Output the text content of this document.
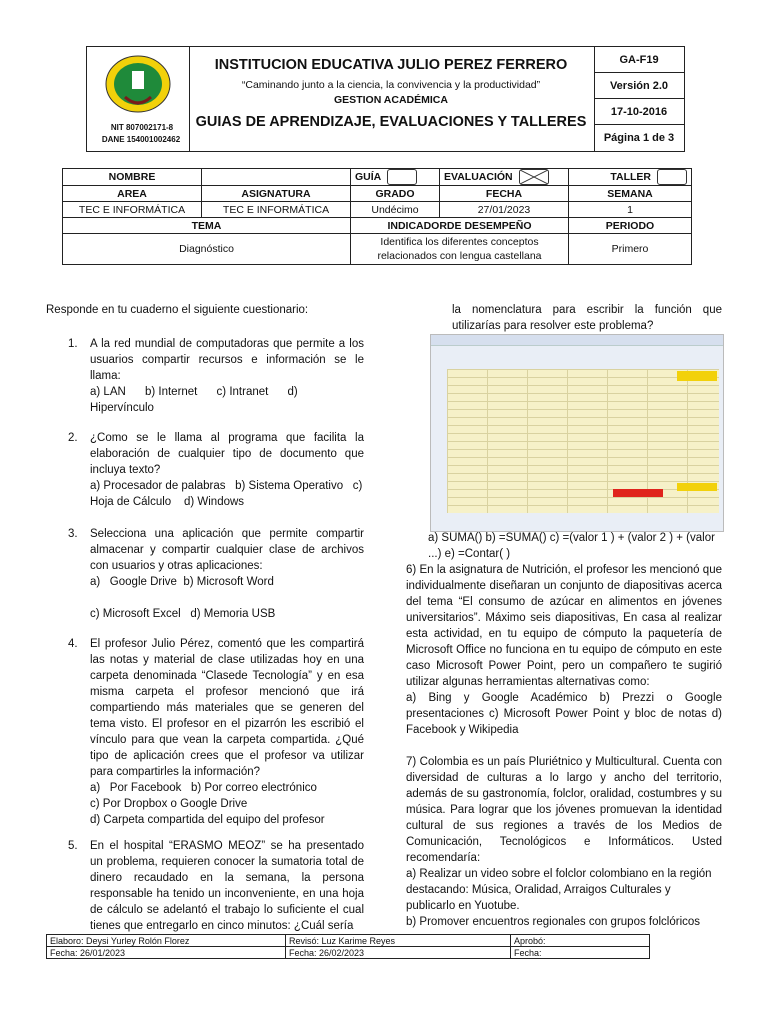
NIT 807002171-8
DANE 154001002462
INSTITUCION EDUCATIVA JULIO PEREZ FERRERO
“Caminando junto a la ciencia, la convivencia y la productividad”
GESTION ACADÉMICA
GUIAS DE APRENDIZAJE, EVALUACIONES Y TALLERES
GA-F19
Versión 2.0
17-10-2016
Página 1 de 3
NOMBRE		GUÍA	EVALUACIÓN	TALLER
AREA	ASIGNATURA	GRADO	FECHA	SEMANA
TEC E INFORMÁTICA	TEC E INFORMÁTICA	Undécimo	27/01/2023	1
TEMA		INDICADORDE DESEMPEÑO		PERIODO
Diagnóstico		Identifica los diferentes conceptos relacionados con lengua castellana		Primero
Responde en tu cuaderno el siguiente cuestionario:
1. A la red mundial de computadoras que permite a los usuarios compartir recursos e información se le llama:
a) LAN      b) Internet      c) Intranet      d) Hipervínculo
2. ¿Como se le llama al programa que facilita la elaboración de cualquier tipo de documento que incluya texto?
a) Procesador de palabras   b) Sistema Operativo   c) Hoja de Cálculo    d) Windows
3. Selecciona una aplicación que permite compartir almacenar y compartir cualquier clase de archivos con usuarios y otras aplicaciones:
a)   Google Drive  b) Microsoft Word

c) Microsoft Excel   d) Memoria USB
4. El profesor Julio Pérez, comentó que les compartirá las notas y material de clase utilizadas hoy en una carpeta denominada “Clasede Tecnología” y en esa misma carpeta el profesor mencionó que irá compartiendo más materiales que se generen del tema visto. El profesor en el pizarrón les escribió el vínculo para que vean la carpeta compartida. ¿Qué tipo de aplicación crees que el profesor va utilizar para compartirles la información?
a)   Por Facebook   b) Por correo electrónico
c) Por Dropbox o Google Drive
d) Carpeta compartida del equipo del profesor
5. En el hospital “ERASMO MEOZ” se ha presentado un problema, requieren conocer la sumatoria total de dinero recaudado en la semana, la persona responsable ha tenido un inconveniente, en una hoja de cálculo se adelantó el trabajo lo suficiente el cual tienes que entregarlo en cinco minutos: ¿Cuál sería
la nomenclatura para escribir la función que utilizarías para resolver este problema?
a) SUMA() b) =SUMA() c) =(valor 1 ) + (valor 2 ) + (valor ...) e) =Contar( )
6) En la asignatura de Nutrición, el profesor les mencionó que individualmente diseñaran un conjunto de diapositivas acerca del tema “El consumo de azúcar en alimentos en jóvenes universitarios”. Máximo seis diapositivas, En casa al realizar esta actividad, en tu equipo de cómputo la paquetería de Microsoft Office no funciona en tu equipo de cómputo en este caso Microsoft Power Point, pero un compañero te sugirió utilizar algunas herramientas alternativas como:
a) Bing y Google Académico b) Prezzi o Google presentaciones c) Microsoft Power Point y bloc de notas d) Facebook y Wikipedia
7) Colombia es un país Pluriétnico y Multicultural. Cuenta con diversidad de culturas a lo largo y ancho del territorio, además de su gastronomía, folclor, oralidad, costumbres y su música. Para lograr que los jóvenes promuevan la identidad cultural de sus regiones a través de los Medios de Comunicación, Tecnológicos e Informáticos. Usted recomendaría:
a) Realizar un video sobre el folclor colombiano en la región destacando: Música, Oralidad, Arraigos Culturales y publicarlo en Yuotube.
b) Promover encuentros regionales con grupos folclóricos
Elaboro: Deysi Yurley Rolón Florez	Revisó: Luz Karime Reyes	Aprobó:
Fecha: 26/01/2023	Fecha: 26/02/2023	Fecha:
